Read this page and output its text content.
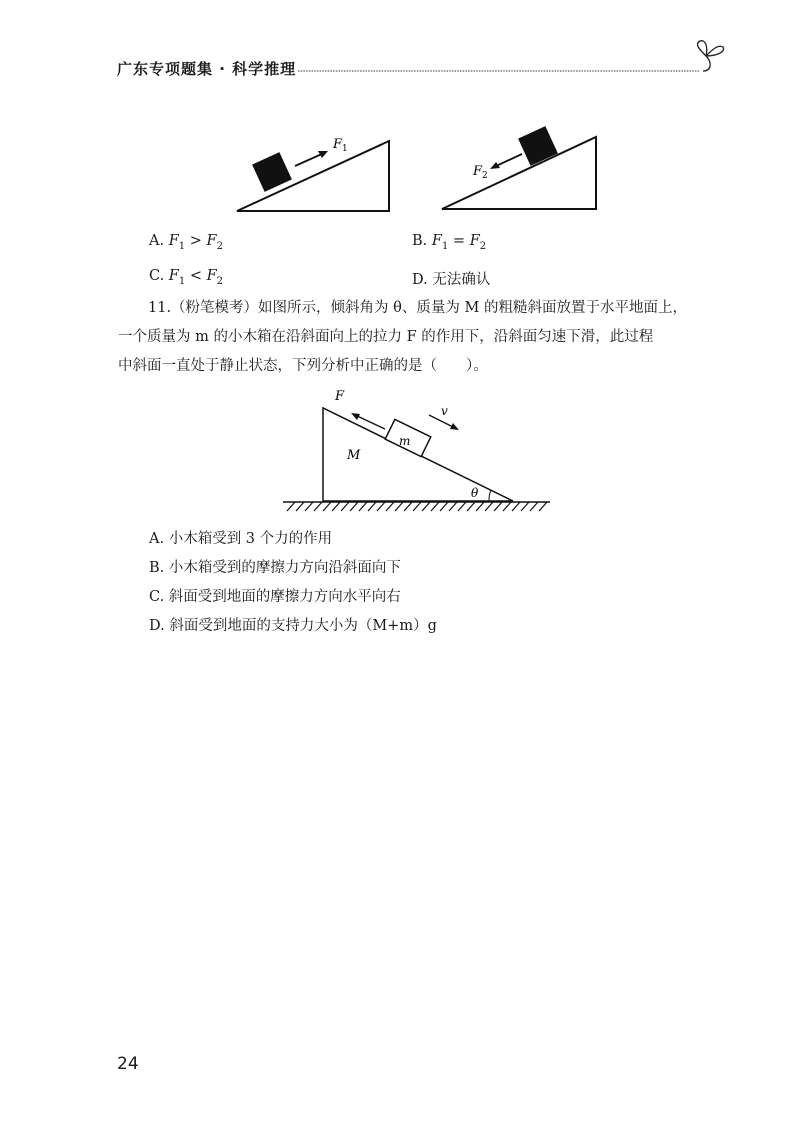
广东专项题集 · 科学推理
$F_1$
$F_2$
A. $F_1 > F_2$	B. $F_1 = F_2$
C. $F_1 < F_2$	D. 无法确认
11.（粉笔模考）如图所示，倾斜角为 θ、质量为 M 的粗糙斜面放置于水平地面上，
一个质量为 m 的小木箱在沿斜面向上的拉力 F 的作用下，沿斜面匀速下滑，此过程
中斜面一直处于静止状态，下列分析中正确的是（　　）。
m
M
F
v
θ
A. 小木箱受到 3 个力的作用
B. 小木箱受到的摩擦力方向沿斜面向下
C. 斜面受到地面的摩擦力方向水平向右
D. 斜面受到地面的支持力大小为（M+m）g
24
